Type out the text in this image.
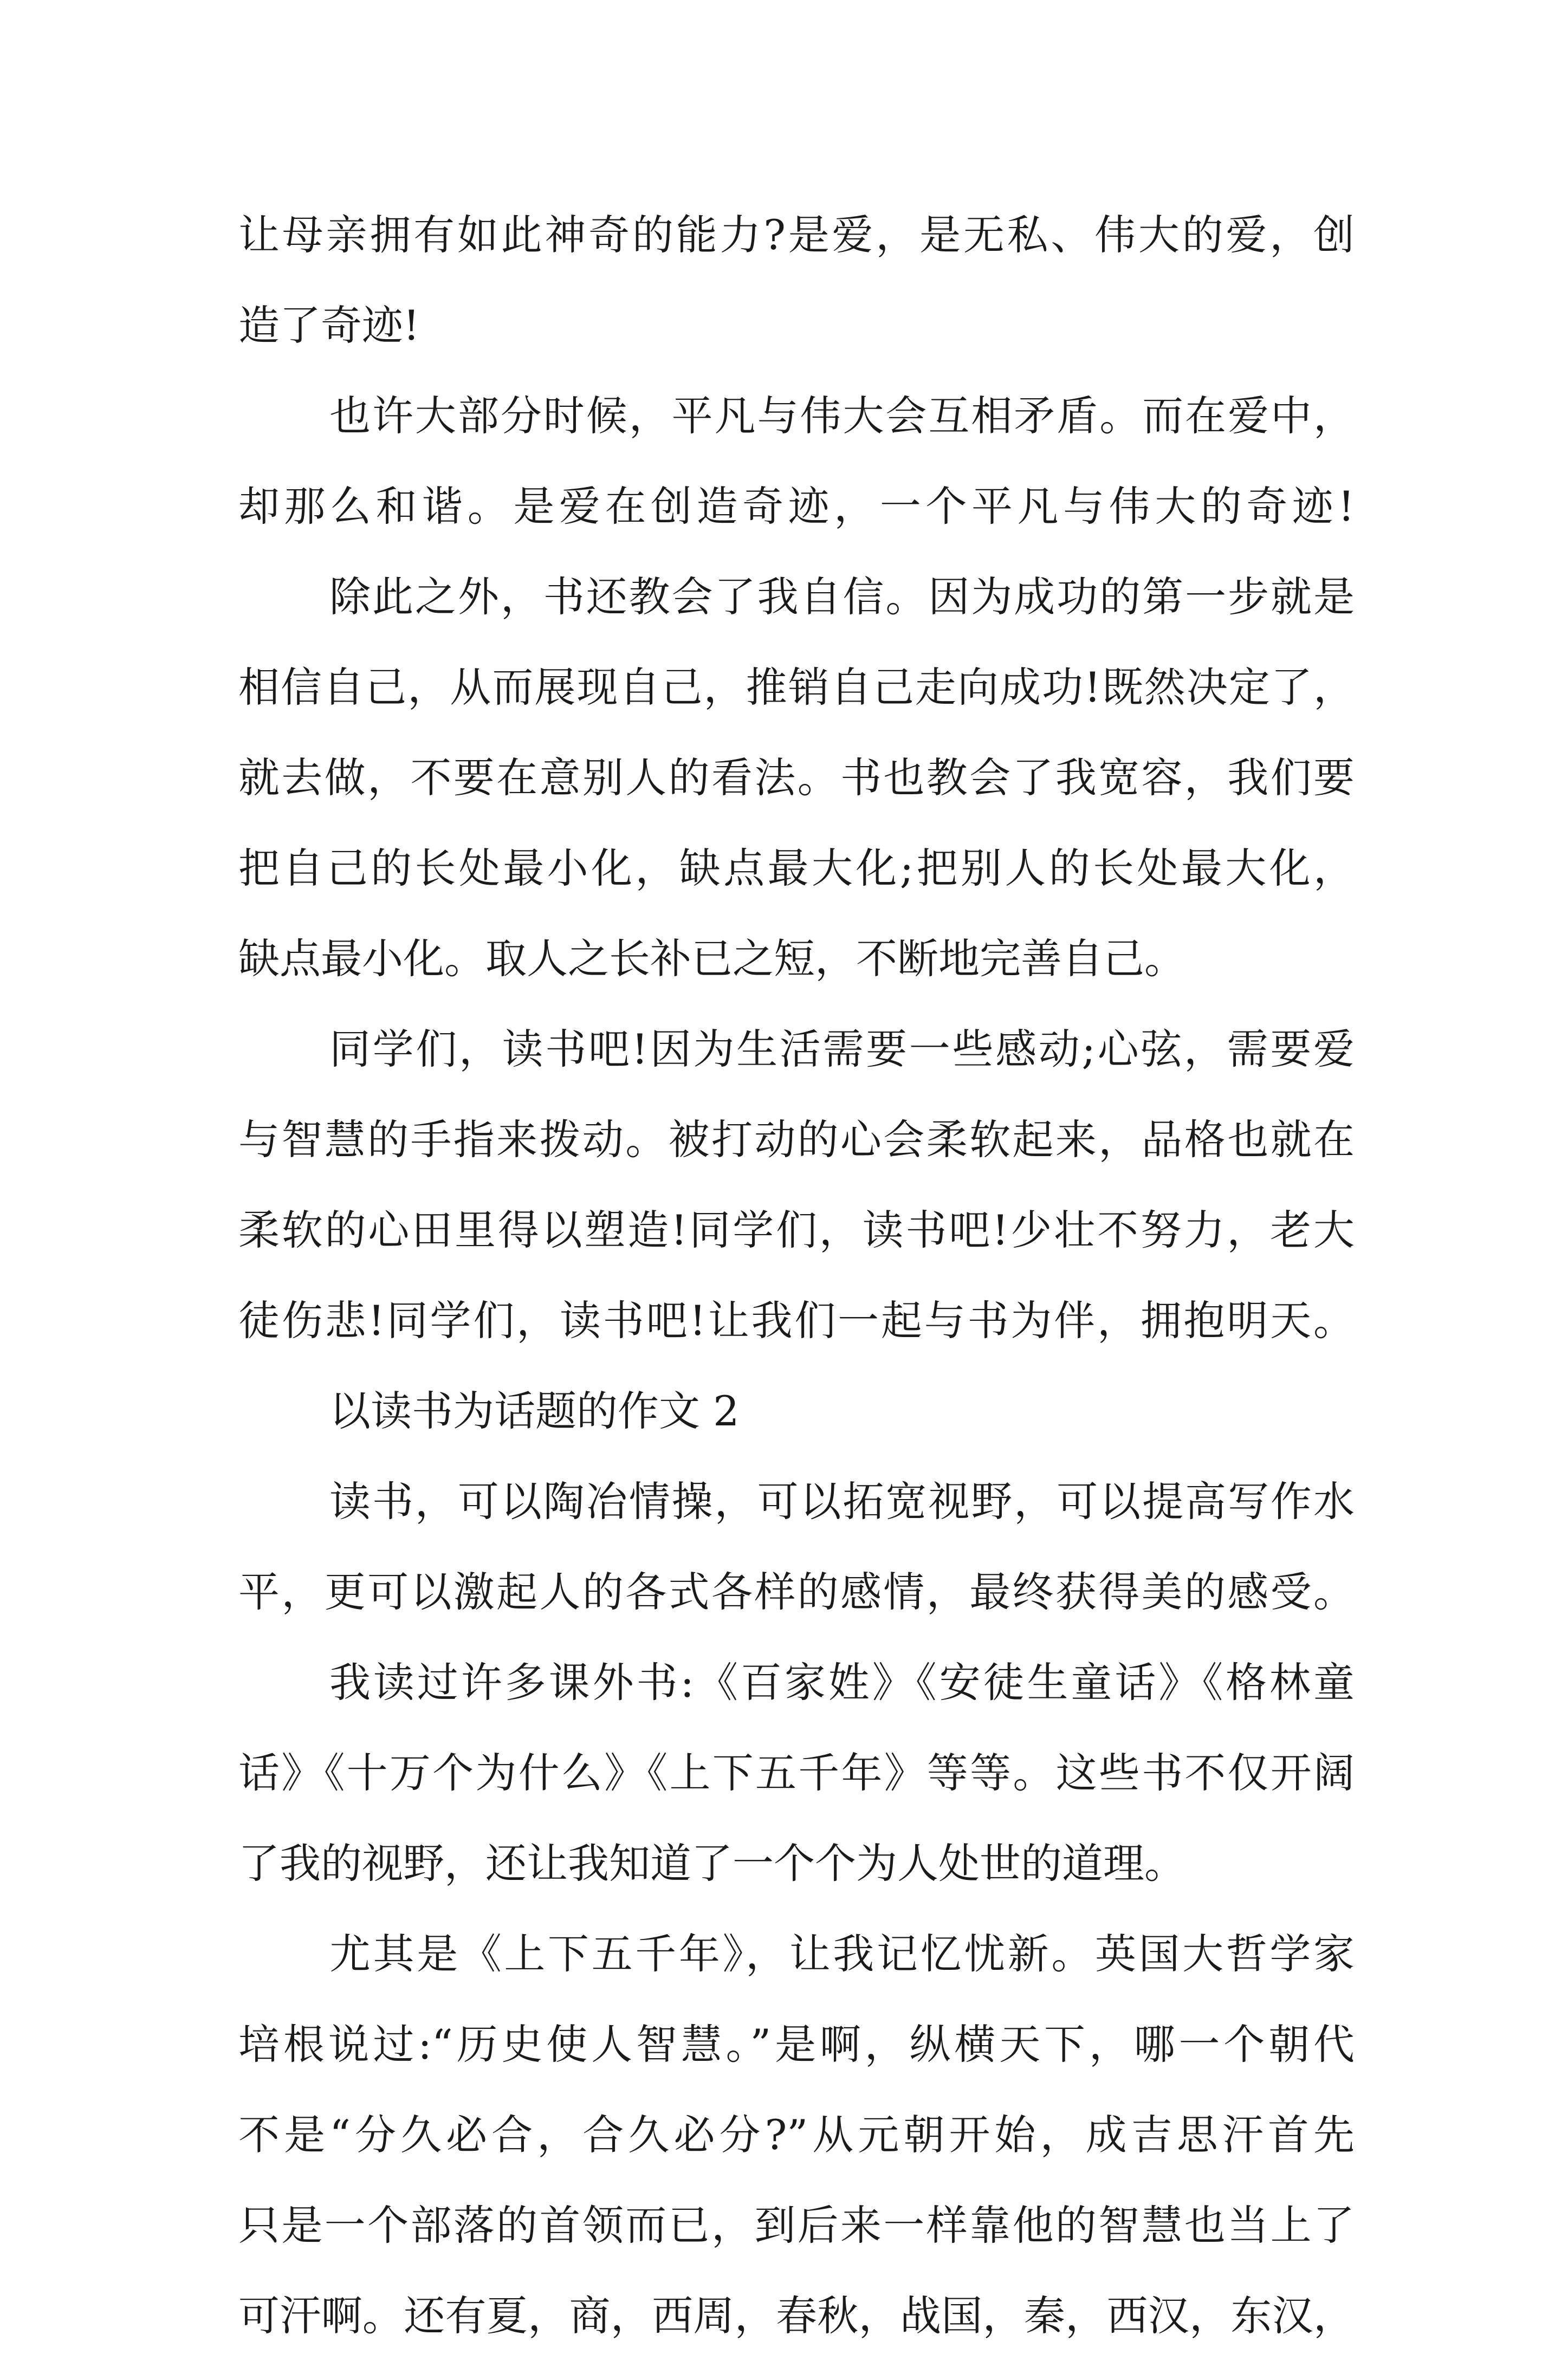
让母亲拥有如此神奇的能力?是爱，是无私、伟大的爱，创
造了奇迹!
也许大部分时候，平凡与伟大会互相矛盾。而在爱中，
却那么和谐。是爱在创造奇迹，一个平凡与伟大的奇迹!
除此之外，书还教会了我自信。因为成功的第一步就是
相信自己，从而展现自己，推销自己走向成功!既然决定了，
就去做，不要在意别人的看法。书也教会了我宽容，我们要
把自己的长处最小化，缺点最大化;把别人的长处最大化，
缺点最小化。取人之长补已之短，不断地完善自己。
同学们，读书吧!因为生活需要一些感动;心弦，需要爱
与智慧的手指来拨动。被打动的心会柔软起来，品格也就在
柔软的心田里得以塑造!同学们，读书吧!少壮不努力，老大
徒伤悲!同学们，读书吧!让我们一起与书为伴，拥抱明天。
以读书为话题的作文 2
读书，可以陶冶情操，可以拓宽视野，可以提高写作水
平，更可以激起人的各式各样的感情，最终获得美的感受。
我读过许多课外书:《百家姓》《安徒生童话》《格林童
话》《十万个为什么》《上下五千年》等等。这些书不仅开阔
了我的视野，还让我知道了一个个为人处世的道理。
尤其是《上下五千年》，让我记忆忧新。英国大哲学家
培根说过:“历史使人智慧。”是啊，纵横天下，哪一个朝代
不是“分久必合，合久必分?”从元朝开始，成吉思汗首先
只是一个部落的首领而已，到后来一样靠他的智慧也当上了
可汗啊。还有夏，商，西周，春秋，战国，秦，西汉，东汉，
